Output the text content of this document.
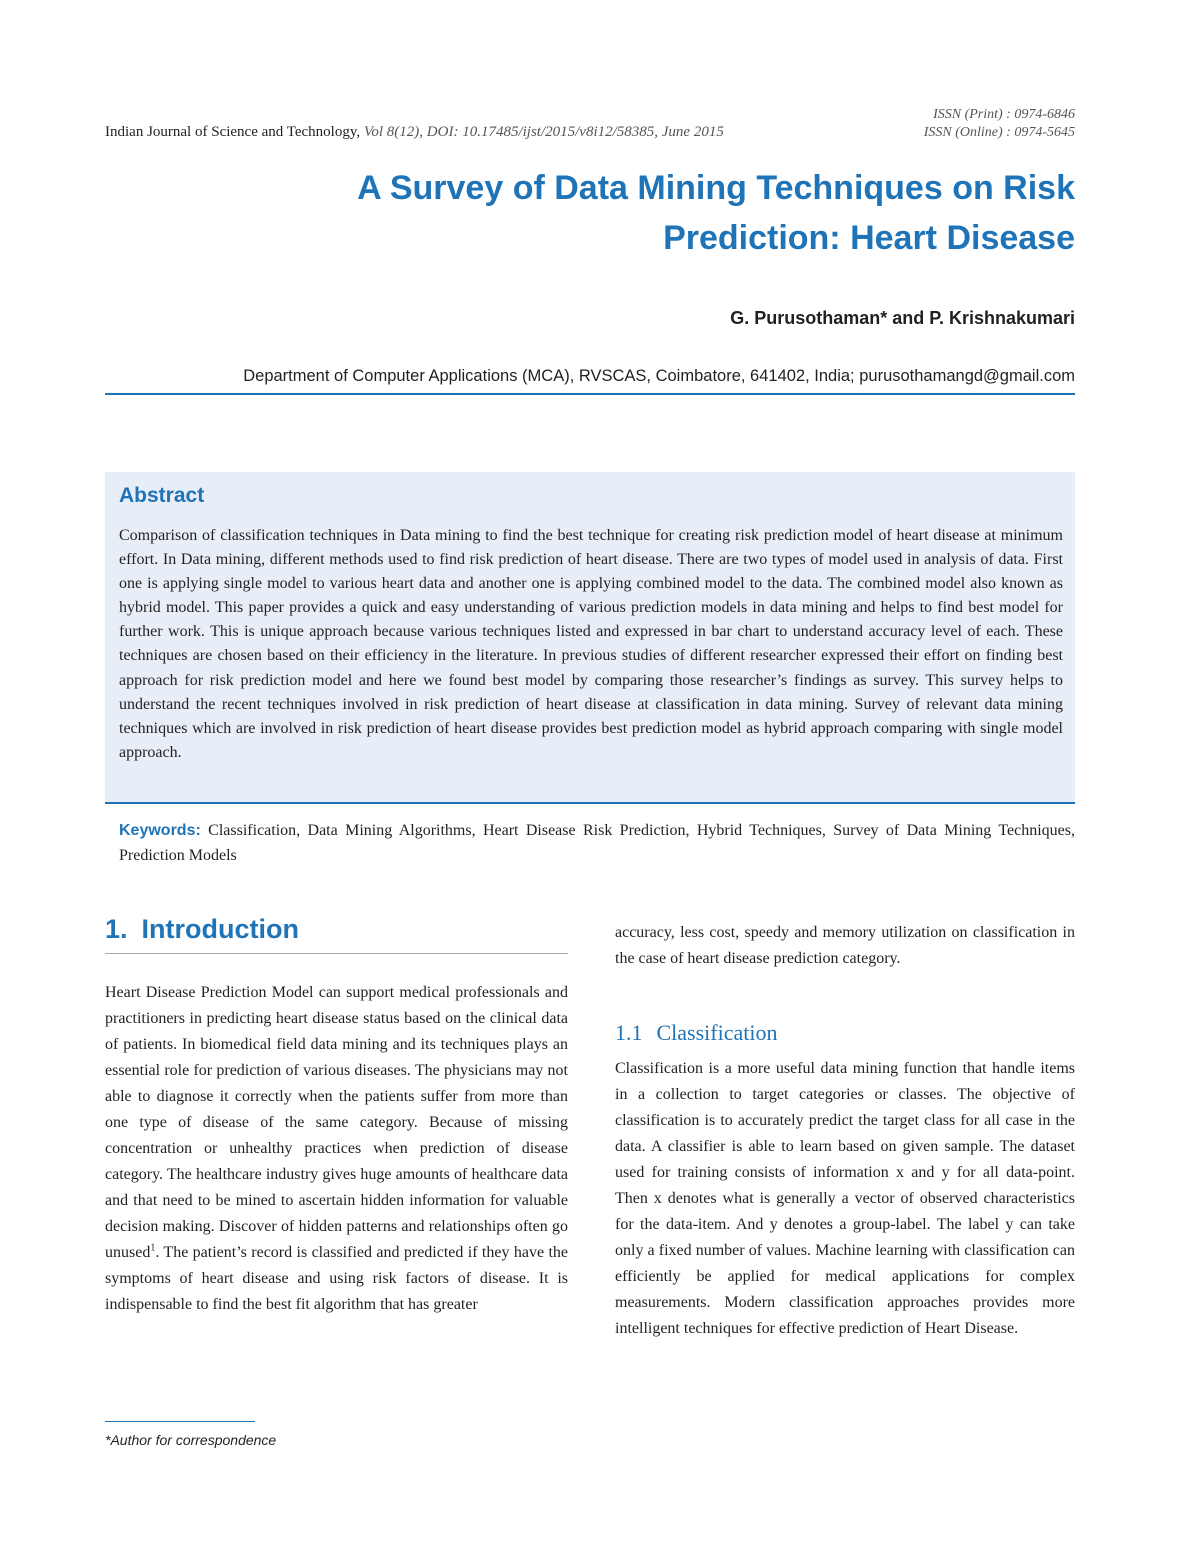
Indian Journal of Science and Technology, Vol 8(12), DOI: 10.17485/ijst/2015/v8i12/58385, June 2015
ISSN (Print) : 0974-6846
ISSN (Online) : 0974-5645
A Survey of Data Mining Techniques on Risk
Prediction: Heart Disease
G. Purusothaman* and P. Krishnakumari
Department of Computer Applications (MCA), RVSCAS, Coimbatore, 641402, India; purusothamangd@gmail.com
Abstract
Comparison of classification techniques in Data mining to find the best technique for creating risk prediction model of heart disease at minimum effort. In Data mining, different methods used to find risk prediction of heart disease. There are two types of model used in analysis of data. First one is applying single model to various heart data and another one is applying combined model to the data. The combined model also known as hybrid model. This paper provides a quick and easy understanding of various prediction models in data mining and helps to find best model for further work. This is unique approach because various techniques listed and expressed in bar chart to understand accuracy level of each. These techniques are chosen based on their efficiency in the literature. In previous studies of different researcher expressed their effort on finding best approach for risk prediction model and here we found best model by comparing those researcher’s findings as survey. This survey helps to understand the recent techniques involved in risk prediction of heart disease at classification in data mining. Survey of relevant data mining techniques which are involved in risk prediction of heart disease provides best prediction model as hybrid approach comparing with single model approach.
Keywords: Classification, Data Mining Algorithms, Heart Disease Risk Prediction, Hybrid Techniques, Survey of Data Mining Techniques, Prediction Models
1. Introduction
Heart Disease Prediction Model can support medical professionals and practitioners in predicting heart disease status based on the clinical data of patients. In biomedical field data mining and its techniques plays an essential role for prediction of various diseases. The physicians may not able to diagnose it correctly when the patients suffer from more than one type of disease of the same category. Because of missing concentration or unhealthy practices when prediction of disease category. The healthcare industry gives huge amounts of healthcare data and that need to be mined to ascertain hidden information for valuable decision making. Discover of hidden patterns and relationships often go unused$^1$. The patient’s record is classified and predicted if they have the symptoms of heart disease and using risk factors of disease. It is indispensable to find the best fit algorithm that has greater
accuracy, less cost, speedy and memory utilization on classification in the case of heart disease prediction category.
1.1 Classification
Classification is a more useful data mining function that handle items in a collection to target categories or classes. The objective of classification is to accurately predict the target class for all case in the data. A classifier is able to learn based on given sample. The dataset used for training consists of information x and y for all data-point. Then x denotes what is generally a vector of observed characteristics for the data-item. And y denotes a group-label. The label y can take only a fixed number of values. Machine learning with classification can efficiently be applied for medical applications for complex measurements. Modern classification approaches provides more intelligent techniques for effective prediction of Heart Disease.
*Author for correspondence
